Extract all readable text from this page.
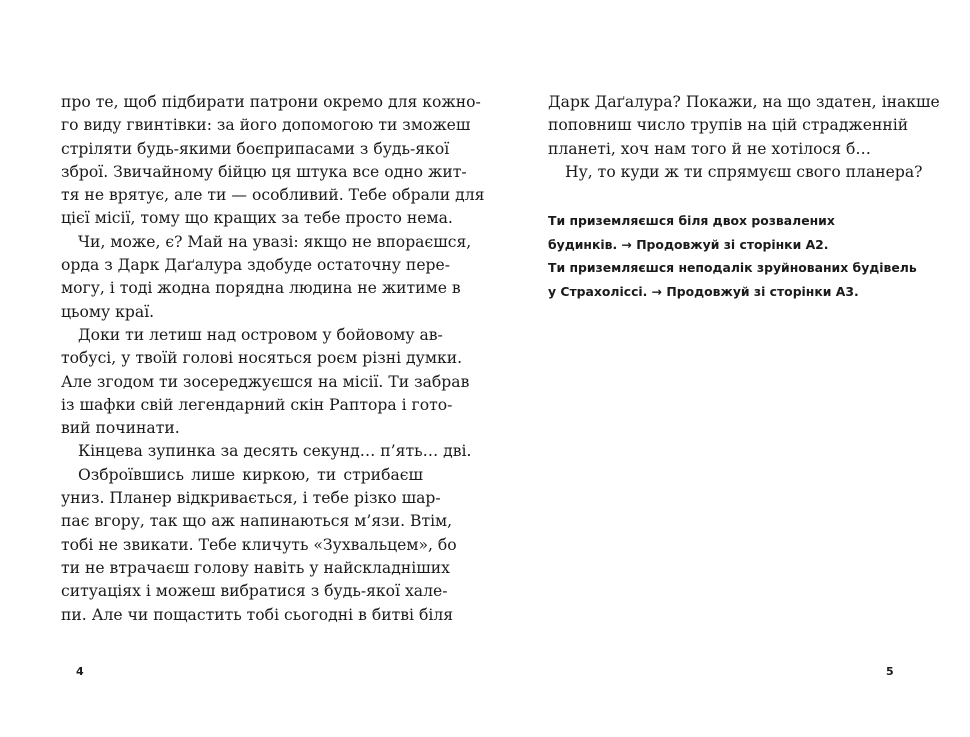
про те, щоб підбирати патрони окремо для кожно-
го виду гвинтівки: за його допомогою ти зможеш
стріляти будь-якими боєприпасами з будь-якої
зброї. Звичайному бійцю ця штука все одно жит-
тя не врятує, але ти — особливий. Тебе обрали для
цієї місії, тому що кращих за тебе просто нема.
Чи, може, є? Май на увазі: якщо не впораєшся,
орда з Дарк Даґалура здобуде остаточну пере-
могу, і тоді жодна порядна людина не житиме в
цьому краї.
Доки ти летиш над островом у бойовому ав-
тобусі, у твоїй голові носяться роєм різні думки.
Але згодом ти зосереджуєшся на місії. Ти забрав
із шафки свій легендарний скін Раптора і гото-
вий починати.
Кінцева зупинка за десять секунд… п’ять… дві.
Озброївшись лише киркою, ти стрибаєш
униз. Планер відкривається, і тебе різко шар-
пає вгору, так що аж напинаються м’язи. Втім,
тобі не звикати. Тебе кличуть «Зухвальцем», бо
ти не втрачаєш голову навіть у найскладніших
ситуаціях і можеш вибратися з будь-якої хале-
пи. Але чи пощастить тобі сьогодні в битві біля
4
Дарк Даґалура? Покажи, на що здатен, інакше
поповниш число трупів на цій страдженній
планеті, хоч нам того й не хотілося б…
Ну, то куди ж ти спрямуєш свого планера?
Ти приземляєшся біля двох розвалених
будинків. → Продовжуй зі сторінки А2.
Ти приземляєшся неподалік зруйнованих будівель
у Страхоліссі. → Продовжуй зі сторінки А3.
5
